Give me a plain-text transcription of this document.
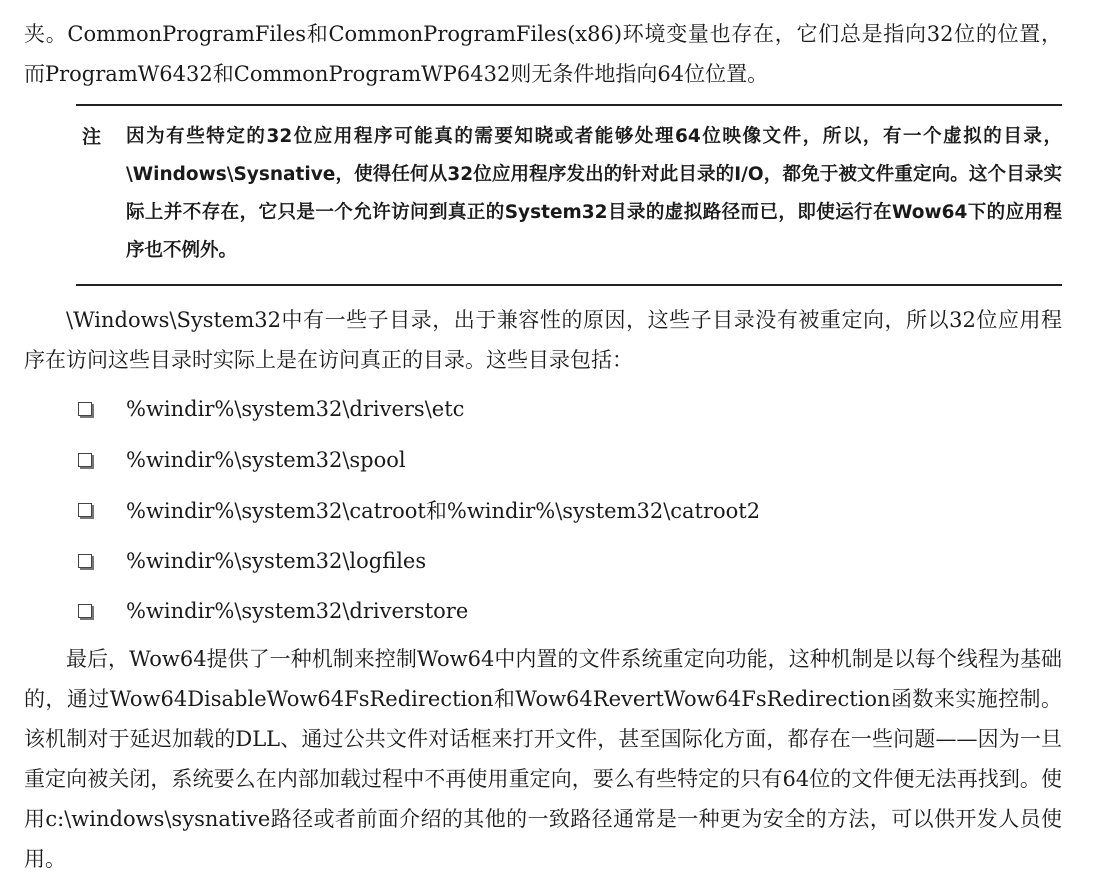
夹。CommonProgramFiles和CommonProgramFiles(x86)环境变量也存在，它们总是指向32位的位置，而ProgramW6432和CommonProgramWP6432则无条件地指向64位位置。

注	因为有些特定的32位应用程序可能真的需要知晓或者能够处理64位映像文件，所以，有一个虚拟的目录，\Windows\Sysnative，使得任何从32位应用程序发出的针对此目录的I/O，都免于被文件重定向。这个目录实际上并不存在，它只是一个允许访问到真正的System32目录的虚拟路径而已，即使运行在Wow64下的应用程序也不例外。

\Windows\System32中有一些子目录，出于兼容性的原因，这些子目录没有被重定向，所以32位应用程序在访问这些目录时实际上是在访问真正的目录。这些目录包括：

%windir%\system32\drivers\etc
%windir%\system32\spool
%windir%\system32\catroot和%windir%\system32\catroot2
%windir%\system32\logfiles
%windir%\system32\driverstore

最后，Wow64提供了一种机制来控制Wow64中内置的文件系统重定向功能，这种机制是以每个线程为基础的，通过Wow64DisableWow64FsRedirection和Wow64RevertWow64FsRedirection函数来实施控制。该机制对于延迟加载的DLL、通过公共文件对话框来打开文件，甚至国际化方面，都存在一些问题——因为一旦重定向被关闭，系统要么在内部加载过程中不再使用重定向，要么有些特定的只有64位的文件便无法再找到。使用c:\windows\sysnative路径或者前面介绍的其他的一致路径通常是一种更为安全的方法，可以供开发人员使用。
